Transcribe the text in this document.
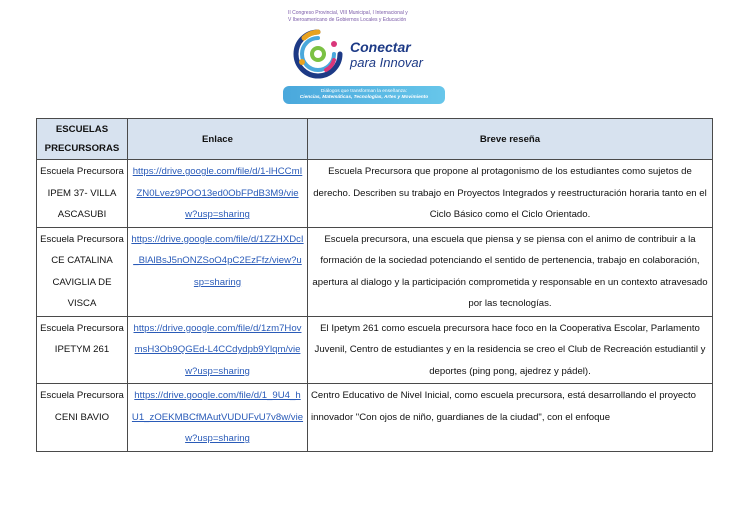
II Congreso Provincial, VIII Municipal, I Internacional y
V Iberoamericano de Gobiernos Locales y Educación
Conectar
para Innovar
Diálogos que transforman la enseñanza:
Ciencias, Matemáticas, Tecnologías, Artes y Movimiento
ESCUELAS PRECURSORAS	Enlace	Breve reseña
Escuela Precursora IPEM 37- VILLA ASCASUBI	https://drive.google.com/file/d/1-lHCCmIZN0Lvez9POO13ed0ObFPdB3M9/view?usp=sharing	Escuela Precursora que propone al protagonismo de los estudiantes como sujetos de derecho. Describen su trabajo en Proyectos Integrados y reestructuración horaria tanto en el Ciclo Básico como el Ciclo Orientado.
Escuela Precursora CE CATALINA CAVIGLIA DE VISCA	https://drive.google.com/file/d/1ZZHXDcI_BlAlBsJ5nONZSoO4pC2EzFfz/view?usp=sharing	Escuela precursora, una escuela que piensa y se piensa con el animo de contribuir a la formación de la sociedad potenciando el sentido de pertenencia, trabajo en colaboración, apertura al dialogo y la participación comprometida y responsable en un contexto atravesado por las tecnologías.
Escuela Precursora IPETYM 261	https://drive.google.com/file/d/1zm7HovmsH3Ob9QGEd-L4CCdydpb9Ylqm/view?usp=sharing	El Ipetym 261 como escuela precursora hace foco en la Cooperativa Escolar, Parlamento Juvenil, Centro de estudiantes y en la residencia se creo el Club de Recreación estudiantil y deportes (ping pong, ajedrez y pádel).
Escuela Precursora CENI BAVIO	https://drive.google.com/file/d/1_9U4_hU1_zOEKMBCfMAutVUDUFvU7v8w/view?usp=sharing	Centro Educativo de Nivel Inicial, como escuela precursora, está desarrollando el proyecto innovador "Con ojos de niño, guardianes de la ciudad", con el enfoque
